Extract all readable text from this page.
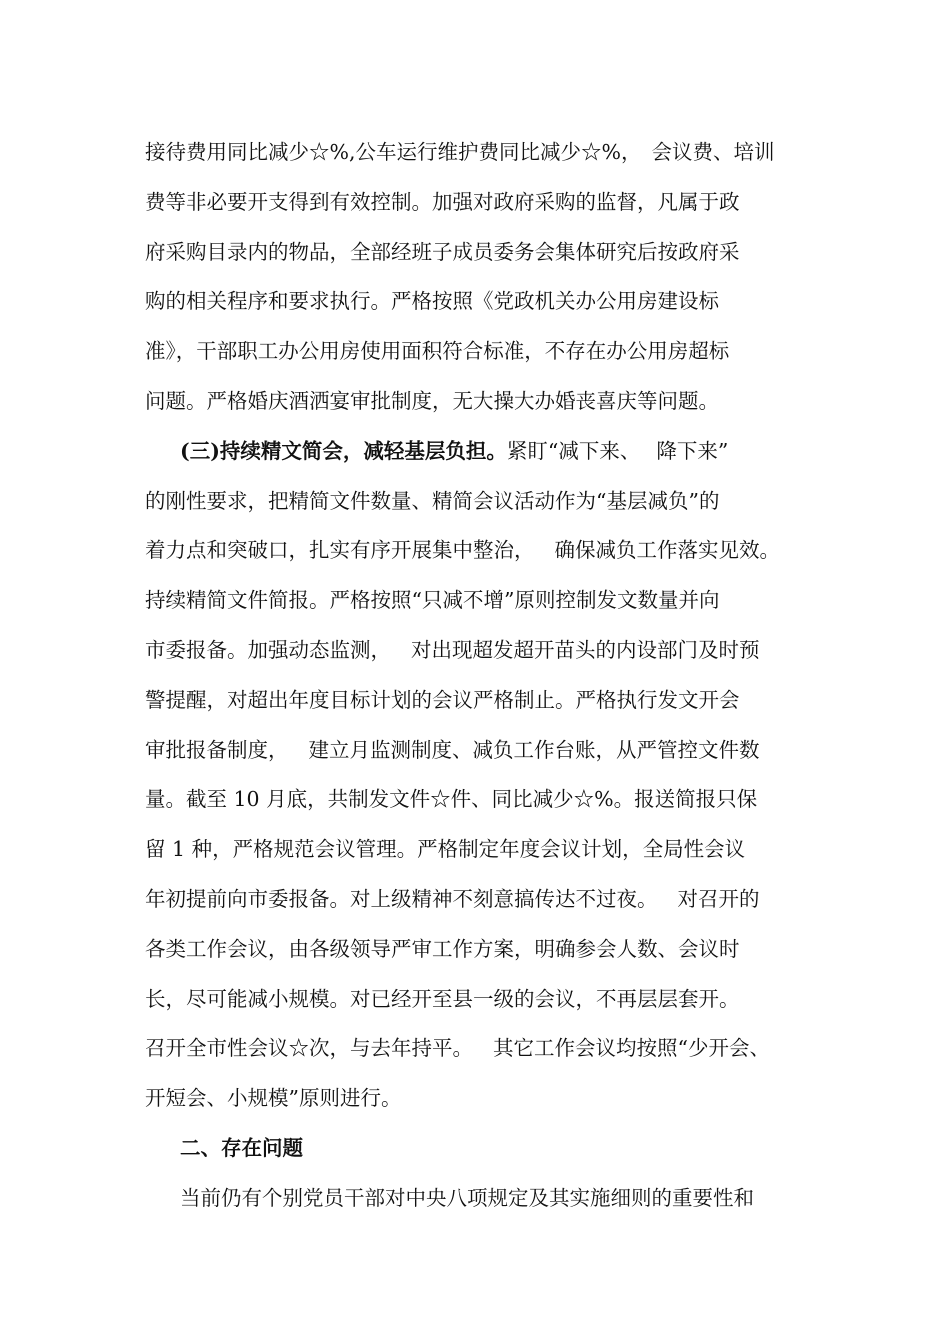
接待费用同比减少☆%,公车运行维护费同比减少☆%， 会议费、培训
费等非必要开支得到有效控制。加强对政府采购的监督，凡属于政
府采购目录内的物品，全部经班子成员委务会集体研究后按政府采
购的相关程序和要求执行。严格按照《党政机关办公用房建设标
准》，干部职工办公用房使用面积符合标准，不存在办公用房超标
问题。严格婚庆酒洒宴审批制度，无大操大办婚丧喜庆等问题。
(三)持续精文简会，减轻基层负担。紧盯“减下来、 降下来”
的刚性要求，把精简文件数量、精简会议活动作为“基层减负”的
着力点和突破口，扎实有序开展集中整治， 确保减负工作落实见效。
持续精简文件简报。严格按照“只减不增”原则控制发文数量并向
市委报备。加强动态监测， 对出现超发超开苗头的内设部门及时预
警提醒，对超出年度目标计划的会议严格制止。严格执行发文开会
审批报备制度， 建立月监测制度、减负工作台账，从严管控文件数
量。截至 10 月底，共制发文件☆件、同比减少☆%。报送简报只保
留 1 种，严格规范会议管理。严格制定年度会议计划，全局性会议
年初提前向市委报备。对上级精神不刻意搞传达不过夜。 对召开的
各类工作会议，由各级领导严审工作方案，明确参会人数、会议时
长，尽可能减小规模。对已经开至县一级的会议，不再层层套开。
召开全市性会议☆次，与去年持平。 其它工作会议均按照“少开会、
开短会、小规模”原则进行。
二、存在问题
当前仍有个别党员干部对中央八项规定及其实施细则的重要性和
